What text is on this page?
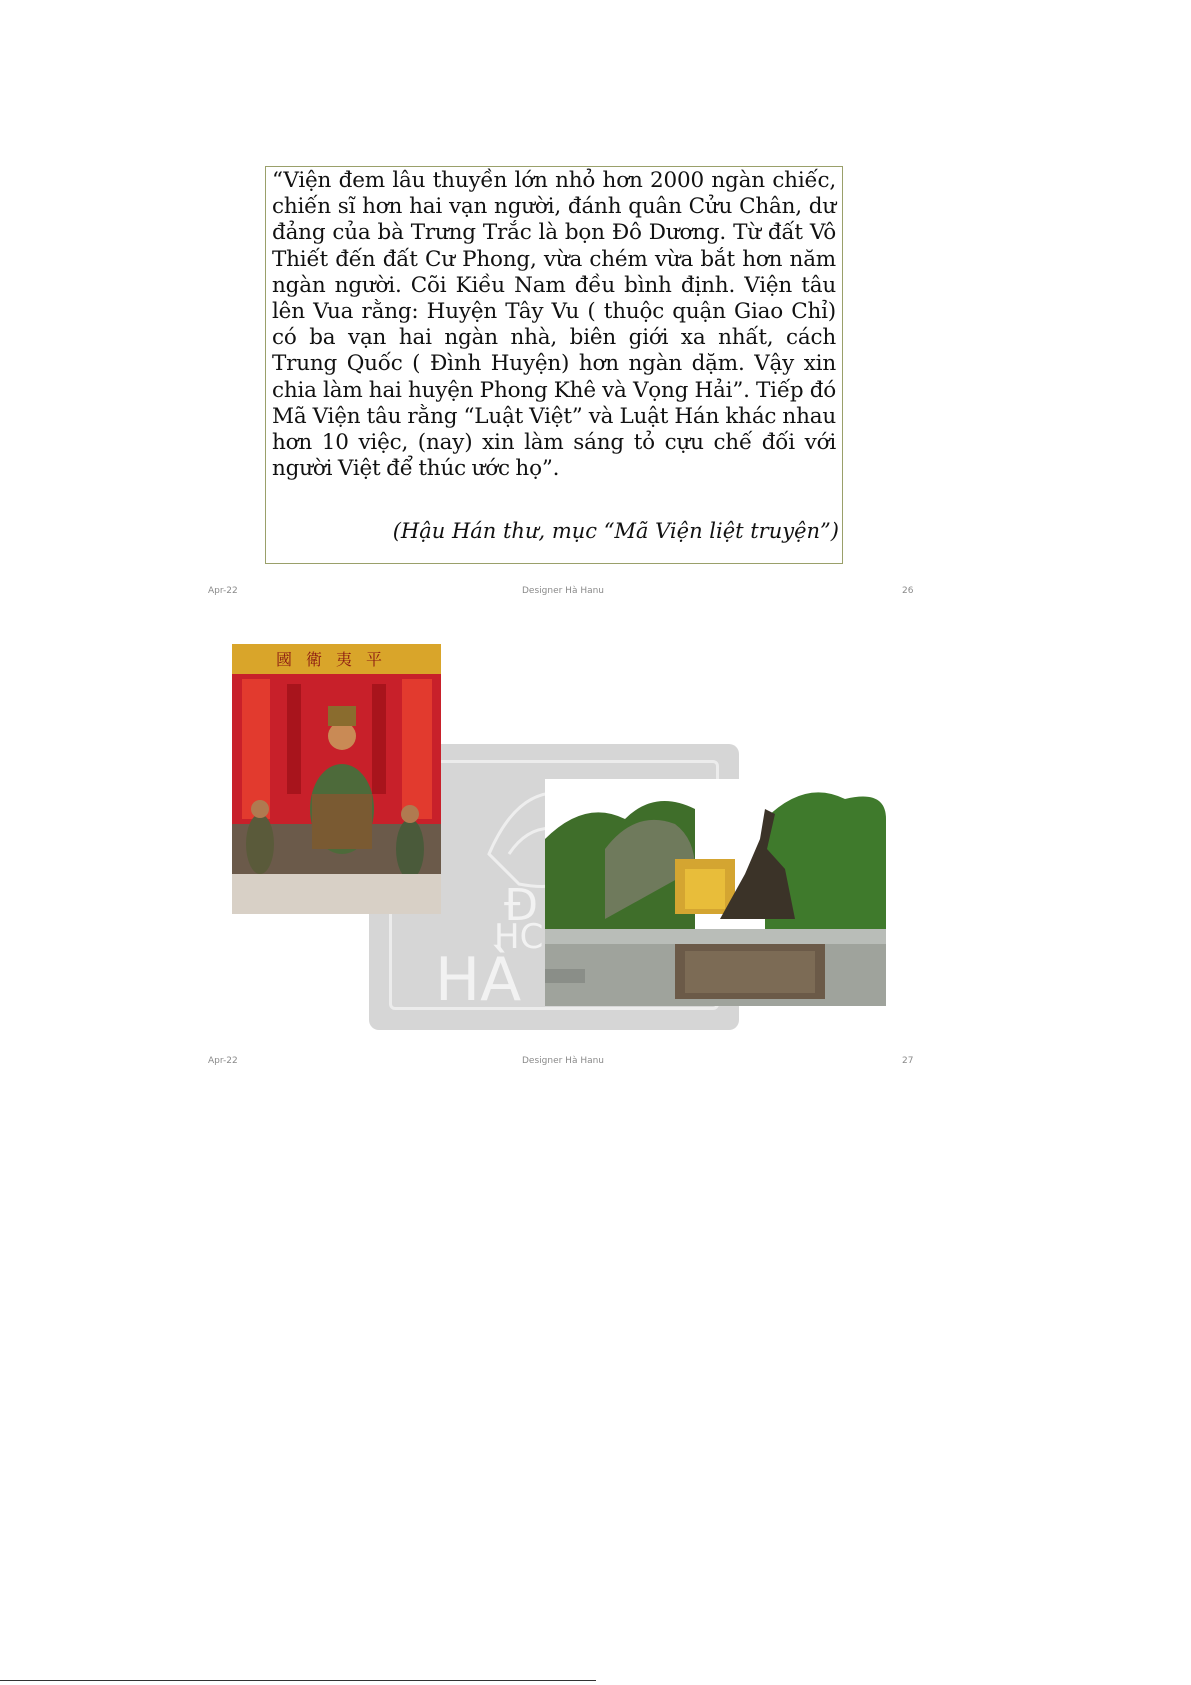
“Viện đem lâu thuyền lớn nhỏ hơn 2000 ngàn chiếc, chiến sĩ hơn hai vạn người, đánh quân Cửu Chân, dư đảng của bà Trưng Trắc là bọn Đô Dương. Từ đất Vô Thiết đến đất Cư Phong, vừa chém vừa bắt hơn năm ngàn người. Cõi Kiều Nam đều bình định. Viện tâu lên Vua rằng: Huyện Tây Vu ( thuộc quận Giao Chỉ) có ba vạn hai ngàn nhà, biên giới xa nhất, cách Trung Quốc ( Đình Huyện) hơn ngàn dặm. Vậy xin chia làm hai huyện Phong Khê và Vọng Hải”. Tiếp đó Mã Viện tâu rằng “Luật Việt” và Luật Hán khác nhau hơn 10 việc, (nay) xin làm sáng tỏ cựu chế đối với người Việt để thúc ước họ”.
(Hậu Hán thư, mục “Mã Viện liệt truyện”)
Apr-22	Designer Hà Hanu	26
Đ
HC
HÀ
國衛夷平
Apr-22	Designer Hà Hanu	27
